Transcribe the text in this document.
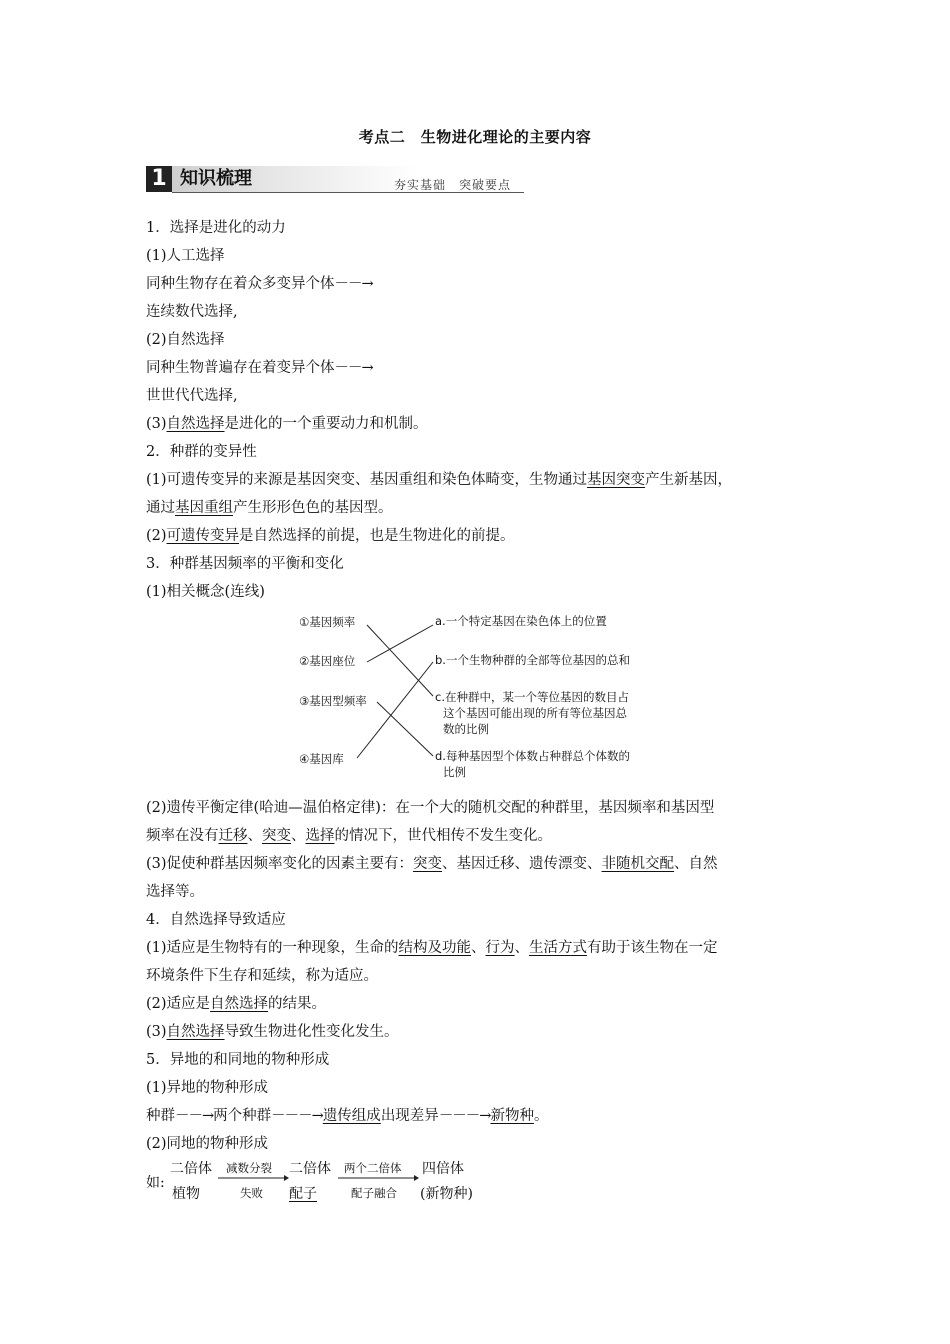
考点二　生物进化理论的主要内容
1 知识梳理	夯实基础　突破要点
1．选择是进化的动力
(1)人工选择
同种生物存在着众多变异个体－－→
连续数代选择,
(2)自然选择
同种生物普遍存在着变异个体－－→
世世代代选择,
(3)自然选择是进化的一个重要动力和机制。
2．种群的变异性
(1)可遗传变异的来源是基因突变、基因重组和染色体畸变，生物通过基因突变产生新基因，
通过基因重组产生形形色色的基因型。
(2)可遗传变异是自然选择的前提，也是生物进化的前提。
3．种群基因频率的平衡和变化
(1)相关概念(连线)
(2)遗传平衡定律(哈迪—温伯格定律)：在一个大的随机交配的种群里，基因频率和基因型
频率在没有迁移、突变、选择的情况下，世代相传不发生变化。
(3)促使种群基因频率变化的因素主要有：突变、基因迁移、遗传漂变、非随机交配、自然
选择等。
4．自然选择导致适应
(1)适应是生物特有的一种现象，生命的结构及功能、行为、生活方式有助于该生物在一定
环境条件下生存和延续，称为适应。
(2)适应是自然选择的结果。
(3)自然选择导致生物进化性变化发生。
5．异地的和同地的物种形成
(1)异地的物种形成
种群－－→两个种群－－－→遗传组成出现差异－－－→新物种。
(2)同地的物种形成
①基因频率
②基因座位
③基因型频率
④基因库
a.一个特定基因在染色体上的位置
b.一个生物种群的全部等位基因的总和
c.在种群中，某一个等位基因的数目占
这个基因可能出现的所有等位基因总
数的比例
d.每种基因型个体数占种群总个体数的
比例
如:
二倍体
植物
减数分裂
失败
二倍体
配子
两个二倍体
配子融合
四倍体
(新物种)
